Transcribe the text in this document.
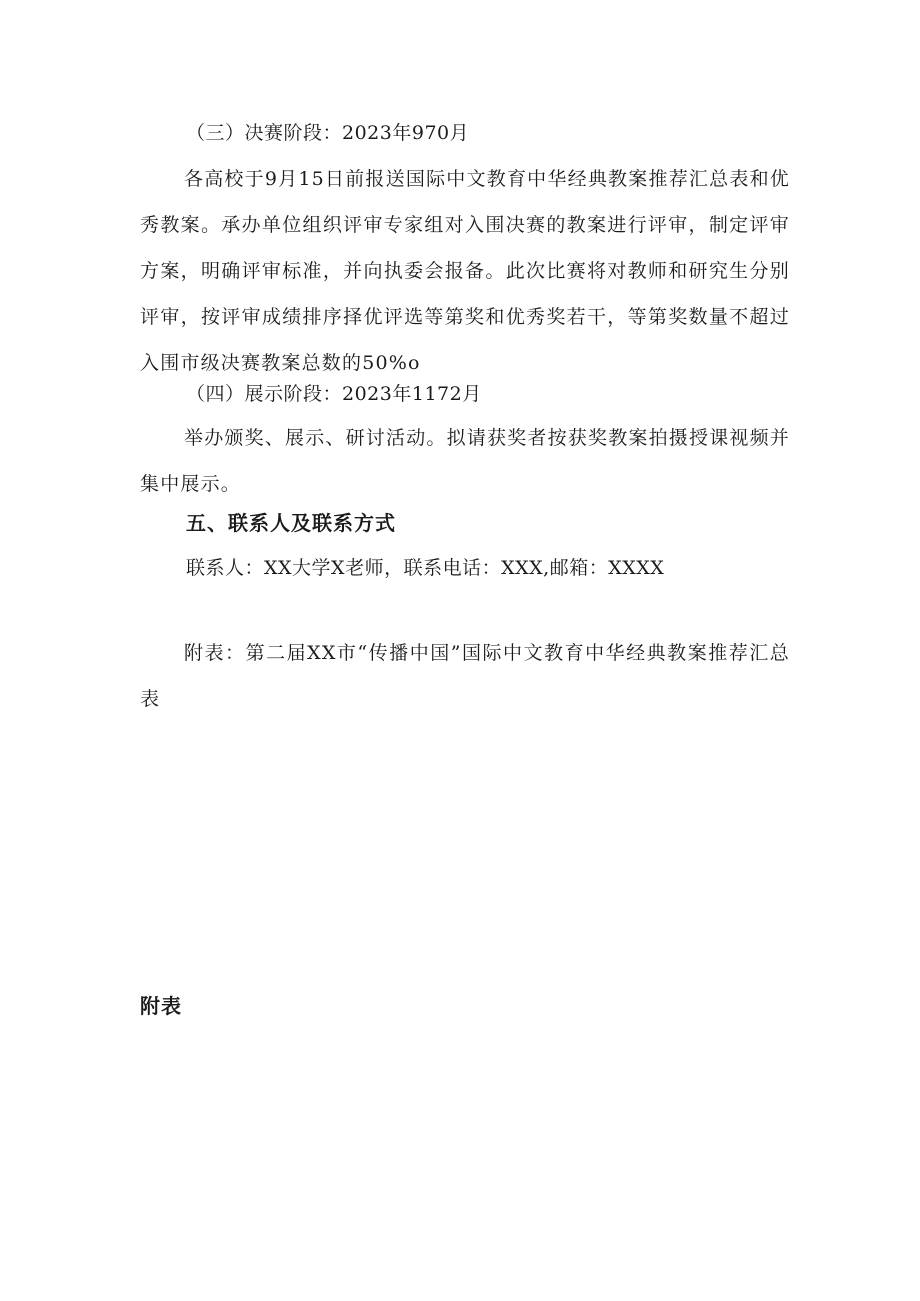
（三）决赛阶段：2023年970月
各高校于9月15日前报送国际中文教育中华经典教案推荐汇总表和优秀教案。承办单位组织评审专家组对入围决赛的教案进行评审，制定评审方案，明确评审标准，并向执委会报备。此次比赛将对教师和研究生分别评审，按评审成绩排序择优评选等第奖和优秀奖若干，等第奖数量不超过入围市级决赛教案总数的50%o
（四）展示阶段：2023年1172月
举办颁奖、展示、研讨活动。拟请获奖者按获奖教案拍摄授课视频并集中展示。
五、联系人及联系方式
联系人：XX大学X老师，联系电话：XXX,邮箱：XXXX
附表：第二届XX市“传播中国”国际中文教育中华经典教案推荐汇总表
附表
